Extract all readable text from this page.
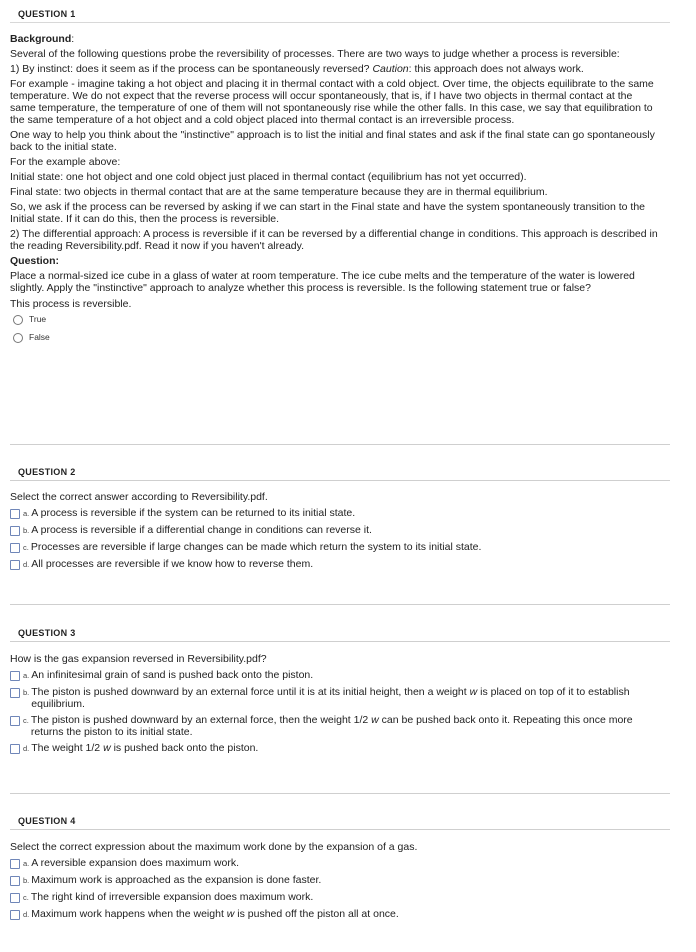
QUESTION 1

Background:

Several of the following questions probe the reversibility of processes. There are two ways to judge whether a process is reversible:

1) By instinct: does it seem as if the process can be spontaneously reversed? Caution: this approach does not always work.

For example - imagine taking a hot object and placing it in thermal contact with a cold object. Over time, the objects equilibrate to the same temperature. We do not expect that the reverse process will occur spontaneously, that is, if I have two objects in thermal contact at the same temperature, the temperature of one of them will not spontaneously rise while the other falls. In this case, we say that equilibration to the same temperature of a hot object and a cold object placed into thermal contact is an irreversible process.

One way to help you think about the "instinctive" approach is to list the initial and final states and ask if the final state can go spontaneously back to the initial state.

For the example above:

Initial state: one hot object and one cold object just placed in thermal contact (equilibrium has not yet occurred).

Final state: two objects in thermal contact that are at the same temperature because they are in thermal equilibrium.

So, we ask if the process can be reversed by asking if we can start in the Final state and have the system spontaneously transition to the Initial state. If it can do this, then the process is reversible.

2) The differential approach: A process is reversible if it can be reversed by a differential change in conditions. This approach is described in the reading Reversibility.pdf. Read it now if you haven't already.

Question:

Place a normal-sized ice cube in a glass of water at room temperature. The ice cube melts and the temperature of the water is lowered slightly. Apply the "instinctive" approach to analyze whether this process is reversible. Is the following statement true or false?

This process is reversible.

True
False
QUESTION 2

Select the correct answer according to Reversibility.pdf.

a. A process is reversible if the system can be returned to its initial state.
b. A process is reversible if a differential change in conditions can reverse it.
c. Processes are reversible if large changes can be made which return the system to its initial state.
d. All processes are reversible if we know how to reverse them.
QUESTION 3

How is the gas expansion reversed in Reversibility.pdf?

a. An infinitesimal grain of sand is pushed back onto the piston.
b. The piston is pushed downward by an external force until it is at its initial height, then a weight w is placed on top of it to establish equilibrium.
c. The piston is pushed downward by an external force, then the weight 1/2 w can be pushed back onto it. Repeating this once more returns the piston to its initial state.
d. The weight 1/2 w is pushed back onto the piston.
QUESTION 4

Select the correct expression about the maximum work done by the expansion of a gas.

a. A reversible expansion does maximum work.
b. Maximum work is approached as the expansion is done faster.
c. The right kind of irreversible expansion does maximum work.
d. Maximum work happens when the weight w is pushed off the piston all at once.
